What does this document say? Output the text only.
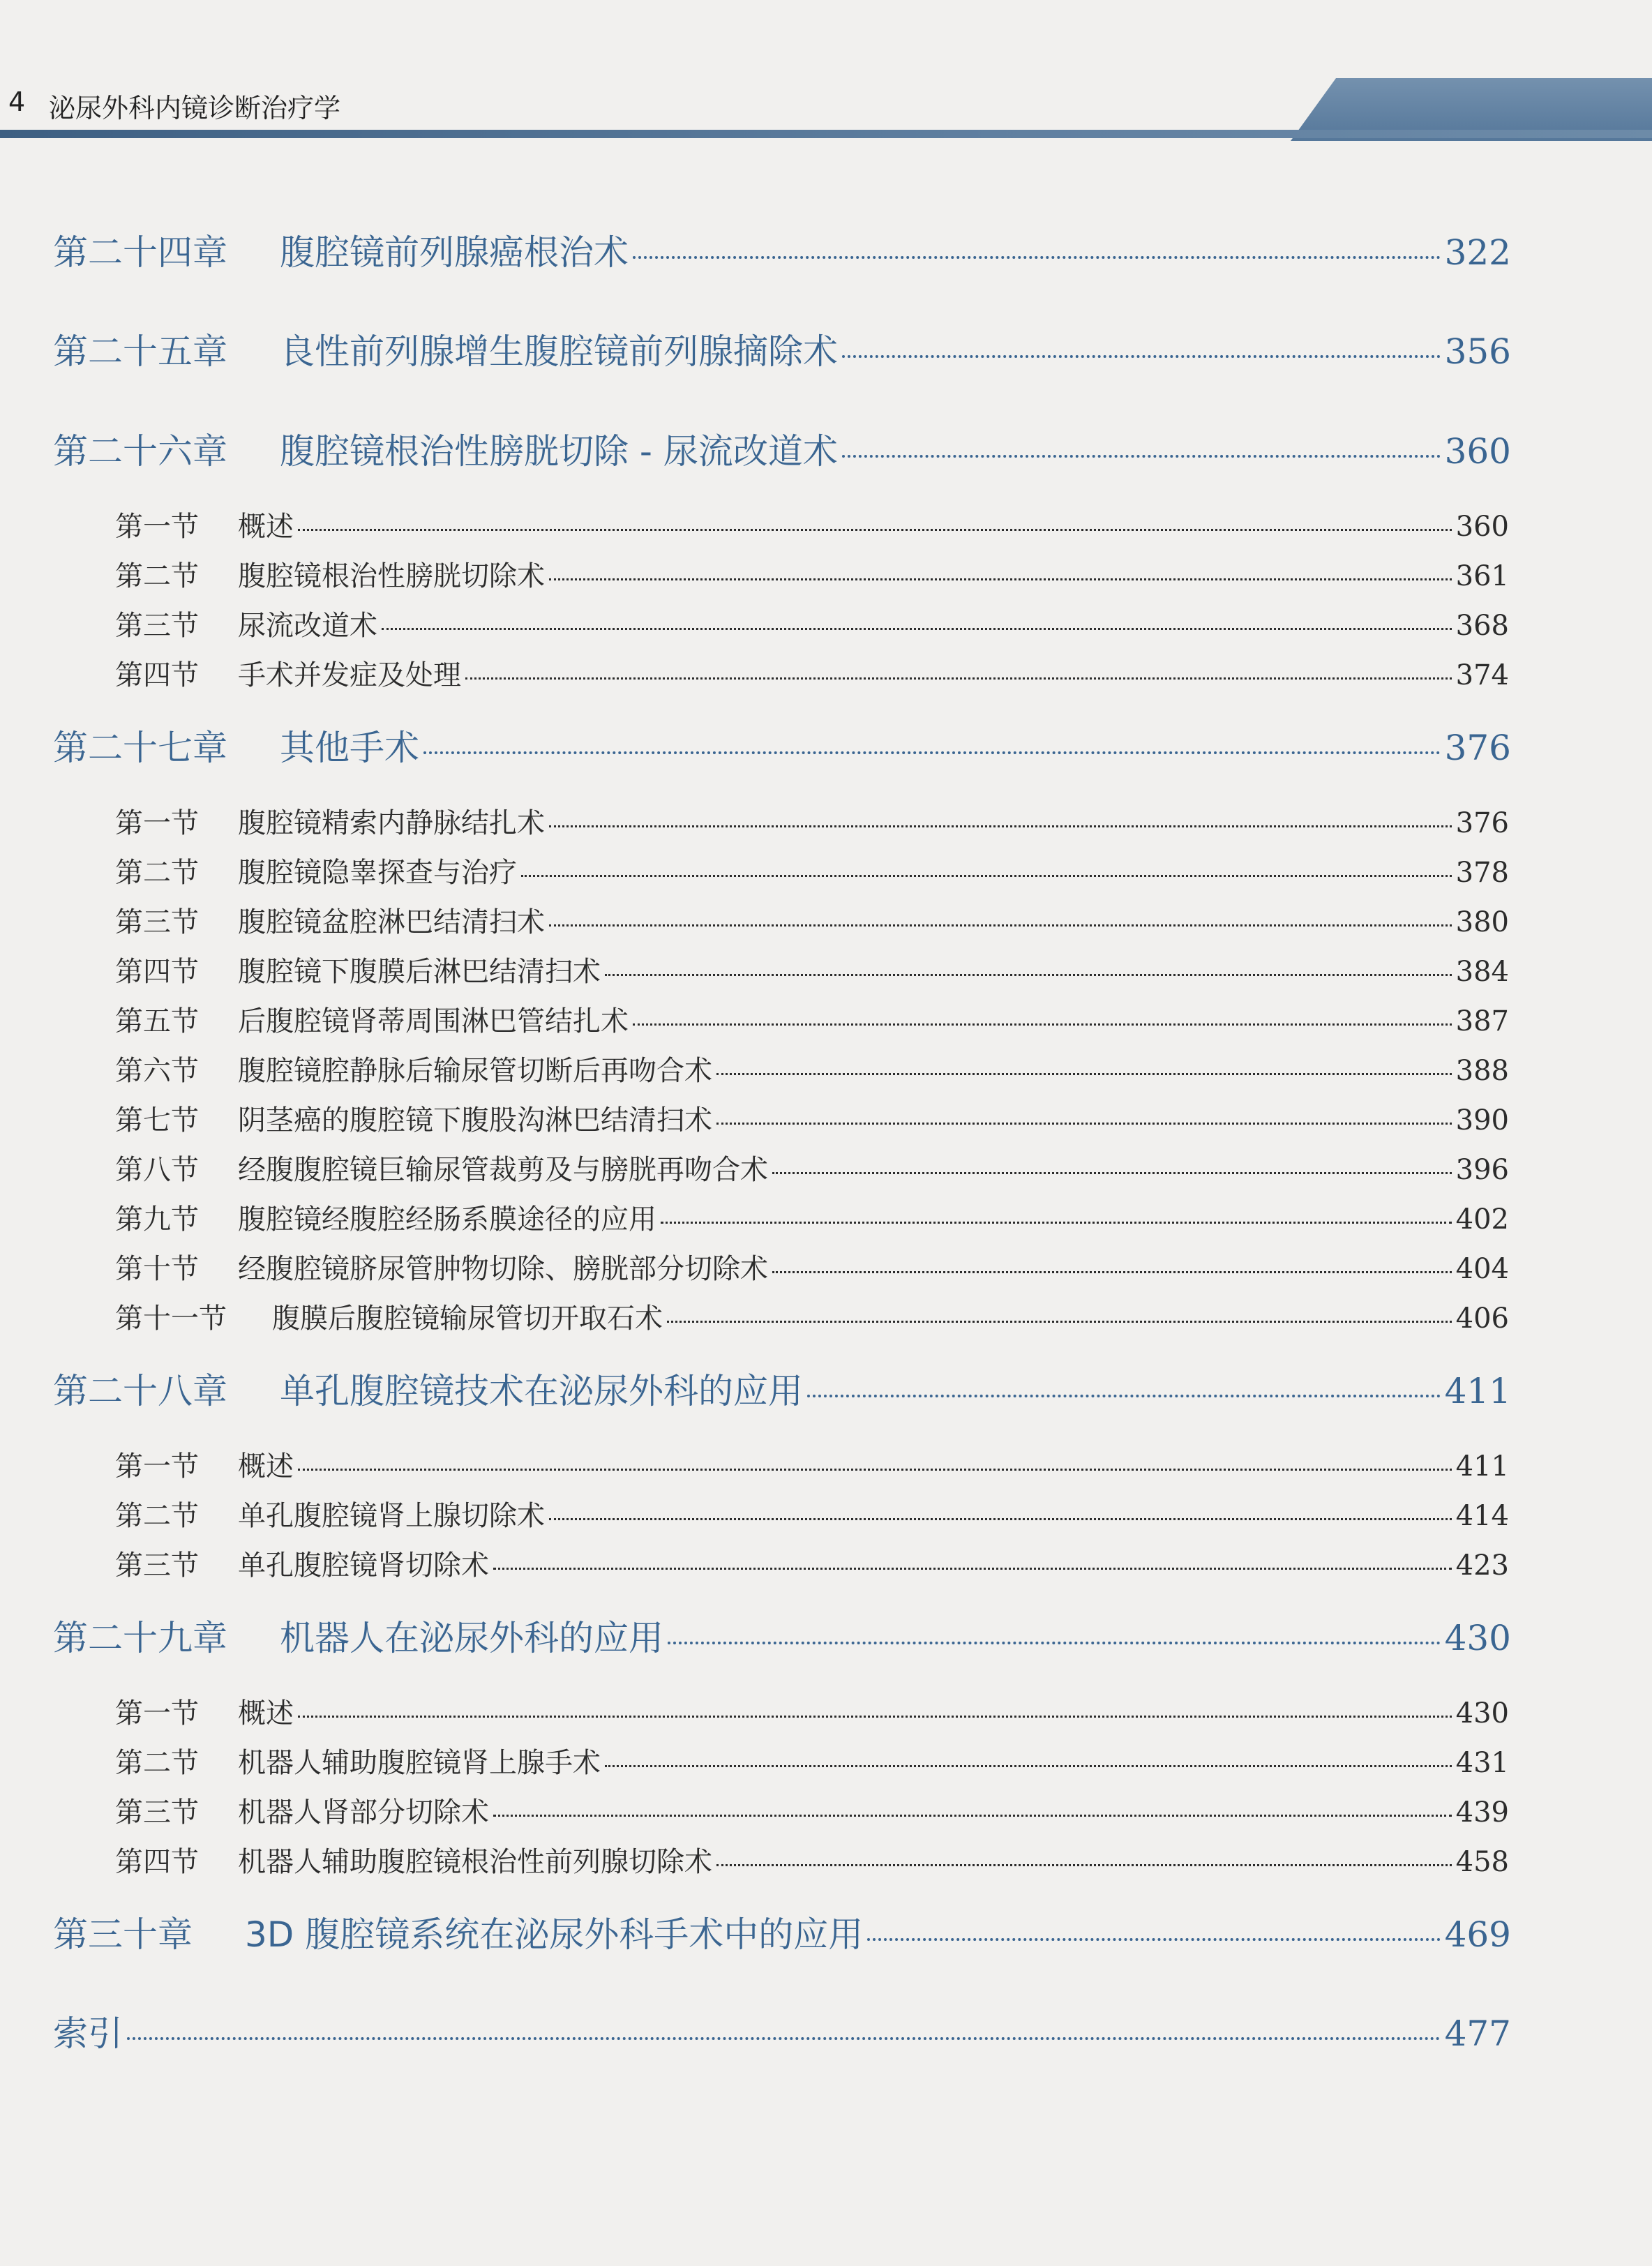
4 泌尿外科内镜诊断治疗学
第二十四章	腹腔镜前列腺癌根治术	322
第二十五章	良性前列腺增生腹腔镜前列腺摘除术	356
第二十六章	腹腔镜根治性膀胱切除 - 尿流改道术	360
第一节	概述	360
第二节	腹腔镜根治性膀胱切除术	361
第三节	尿流改道术	368
第四节	手术并发症及处理	374
第二十七章	其他手术	376
第一节	腹腔镜精索内静脉结扎术	376
第二节	腹腔镜隐睾探查与治疗	378
第三节	腹腔镜盆腔淋巴结清扫术	380
第四节	腹腔镜下腹膜后淋巴结清扫术	384
第五节	后腹腔镜肾蒂周围淋巴管结扎术	387
第六节	腹腔镜腔静脉后输尿管切断后再吻合术	388
第七节	阴茎癌的腹腔镜下腹股沟淋巴结清扫术	390
第八节	经腹腹腔镜巨输尿管裁剪及与膀胱再吻合术	396
第九节	腹腔镜经腹腔经肠系膜途径的应用	402
第十节	经腹腔镜脐尿管肿物切除、膀胱部分切除术	404
第十一节	腹膜后腹腔镜输尿管切开取石术	406
第二十八章	单孔腹腔镜技术在泌尿外科的应用	411
第一节	概述	411
第二节	单孔腹腔镜肾上腺切除术	414
第三节	单孔腹腔镜肾切除术	423
第二十九章	机器人在泌尿外科的应用	430
第一节	概述	430
第二节	机器人辅助腹腔镜肾上腺手术	431
第三节	机器人肾部分切除术	439
第四节	机器人辅助腹腔镜根治性前列腺切除术	458
第三十章	3D 腹腔镜系统在泌尿外科手术中的应用	469
索引	477
